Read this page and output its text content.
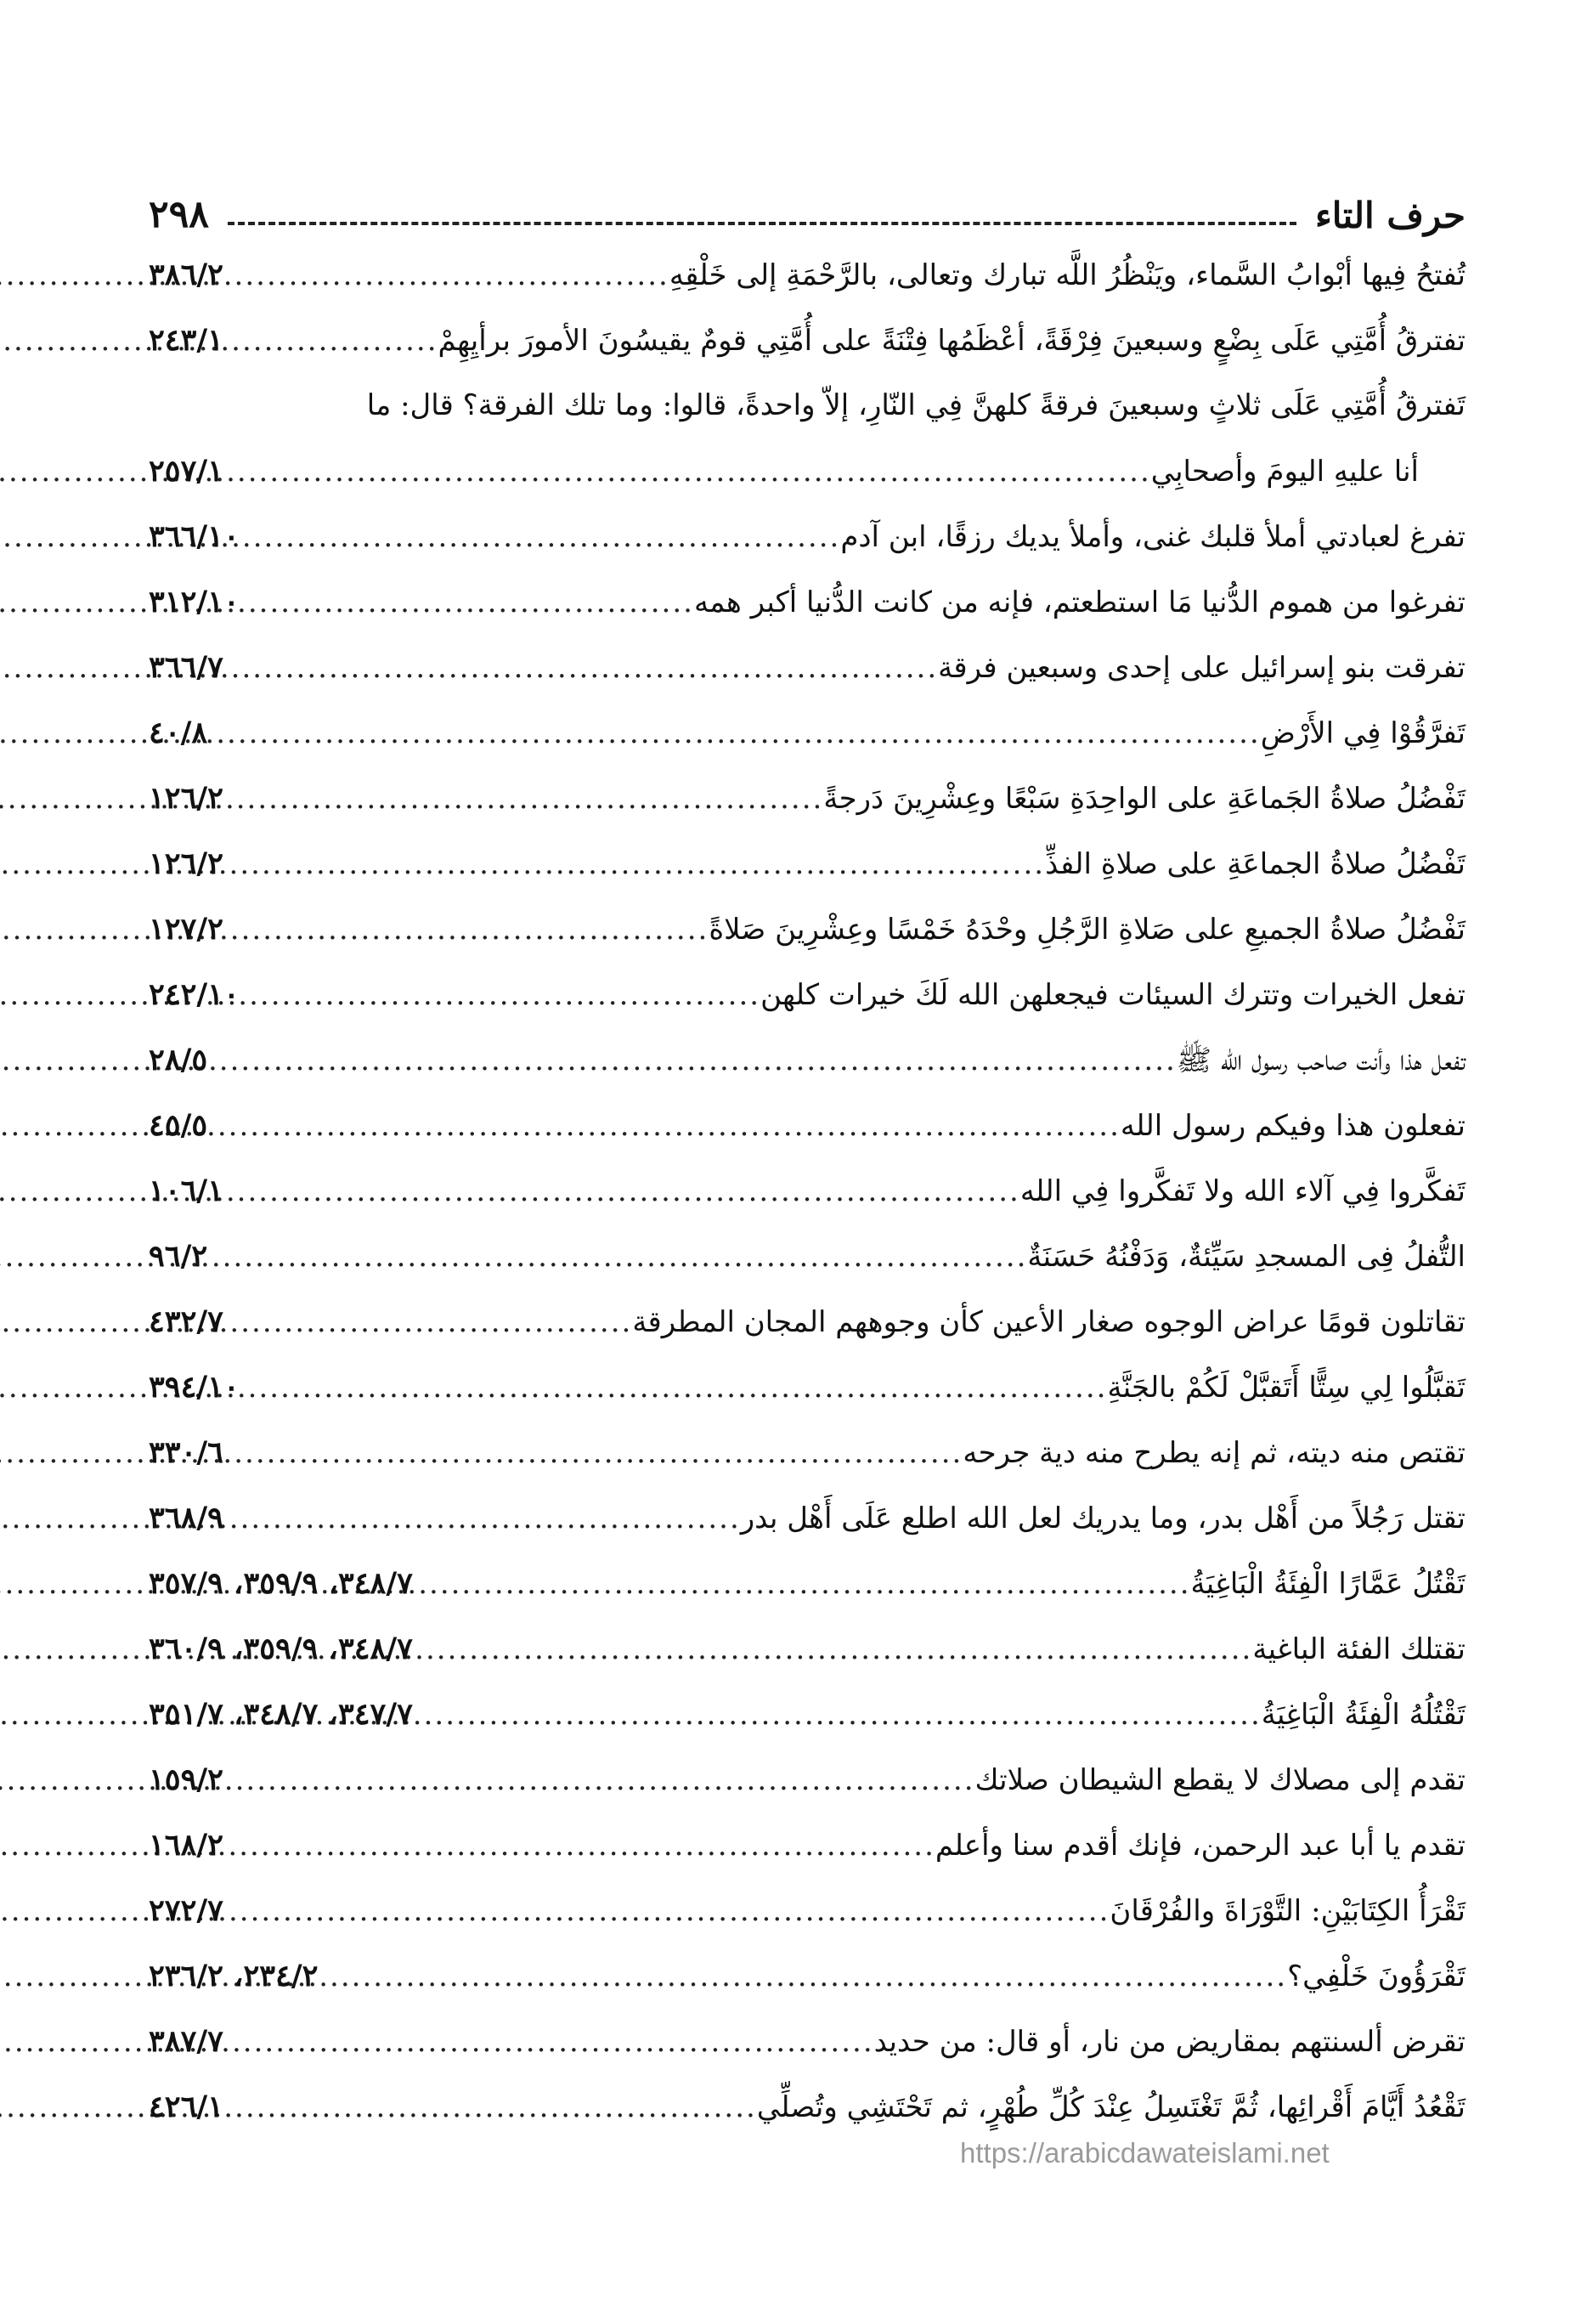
حرف التاء
٢٩٨
تُفتحُ فِيها أبْوابُ السَّماء، ويَنْظُرُ اللَّه تبارك وتعالى، بالرَّحْمَةِ إلى خَلْقِهِ
.....
٣٨٦/٢
تفترقُ أُمَّتِي عَلَى بِضْعٍ وسبعينَ فِرْقَةً، أعْظَمُها فِتْنَةً على أُمَّتِي قومٌ يقيسُونَ الأمورَ برأيِهِمْ
.....
٢٤٣/١
تَفترقُ أُمَّتِي عَلَى ثلاثٍ وسبعينَ فرقةً كلهنَّ فِي النّارِ، إلاّ واحدةً، قالوا: وما تلك الفرقة؟ قال: ما
أنا عليهِ اليومَ وأصحابِي
.....
٢٥٧/١
تفرغ لعبادتي أملأ قلبك غنى، وأملأ يديك رزقًا، ابن آدم
.....
٣٦٦/١٠
تفرغوا من هموم الدُّنيا مَا استطعتم، فإنه من كانت الدُّنيا أكبر همه
.....
٣١٢/١٠
تفرقت بنو إسرائيل على إحدى وسبعين فرقة
.....
٣٦٦/٧
تَفرَّقُوْا فِي الأَرْضِ
.....
٤٠/٨
تَفْضُلُ صلاةُ الجَماعَةِ على الواحِدَةِ سَبْعًا وعِشْرِينَ دَرجةً
.....
١٢٦/٢
تَفْضُلُ صلاةُ الجماعَةِ على صلاةِ الفذِّ
.....
١٢٦/٢
تَفْضُلُ صلاةُ الجميعِ على صَلاةِ الرَّجُلِ وحْدَهُ خَمْسًا وعِشْرِينَ صَلاةً
.....
١٢٧/٢
تفعل الخيرات وتترك السيئات فيجعلهن الله لَكَ خيرات كلهن
.....
٢٤٢/١٠
تفعل هذا وأنت صاحب رسول الله ﷺ
.....
٢٨/٥
تفعلون هذا وفيكم رسول الله
.....
٤٥/٥
تَفكَّروا فِي آلاء الله ولا تَفكَّروا فِي الله
.....
١٠٦/١
التُّفلُ فِى المسجدِ سَيِّئةٌ، وَدَفْنُهُ حَسَنَةٌ
.....
٩٦/٢
تقاتلون قومًا عراض الوجوه صغار الأعين كأن وجوههم المجان المطرقة
.....
٤٣٢/٧
تَقبَّلُوا لِي سِتًّا أَتَقبَّلْ لَكُمْ بالجَنَّةِ
.....
٣٩٤/١٠
تقتص منه ديته، ثم إنه يطرح منه دية جرحه
.....
٣٣٠/٦
تقتل رَجُلاً من أَهْل بدر، وما يدريك لعل الله اطلع عَلَى أَهْل بدر
.....
٣٦٨/٩
تَقْتُلُ عَمَّارًا الْفِئَةُ الْبَاغِيَةُ
.....
٣٤٨/٧، ٣٥٩/٩، ٣٥٧/٩
تقتلك الفئة الباغية
.....
٣٤٨/٧، ٣٥٩/٩، ٣٦٠/٩
تَقْتُلُهُ الْفِئَةُ الْبَاغِيَةُ
.....
٣٤٧/٧، ٣٤٨/٧، ٣٥١/٧
تقدم إلى مصلاك لا يقطع الشيطان صلاتك
.....
١٥٩/٢
تقدم يا أبا عبد الرحمن، فإنك أقدم سنا وأعلم
.....
١٦٨/٢
تَقْرَأُ الكِتَابَيْنِ: التَّوْرَاةَ والفُرْقَانَ
.....
٢٧٢/٧
تَقْرَؤُونَ خَلْفِي؟
.....
٢٣٤/٢، ٢٣٦/٢
تقرض ألسنتهم بمقاريض من نار، أو قال: من حديد
.....
٣٨٧/٧
تَقْعُدُ أَيَّامَ أَقْرائِها، ثُمَّ تَغْتَسِلُ عِنْدَ كُلِّ طُهْرٍ، ثم تَحْتَشِي وتُصلِّي
.....
٤٢٦/١
https://arabicdawateislami.net
